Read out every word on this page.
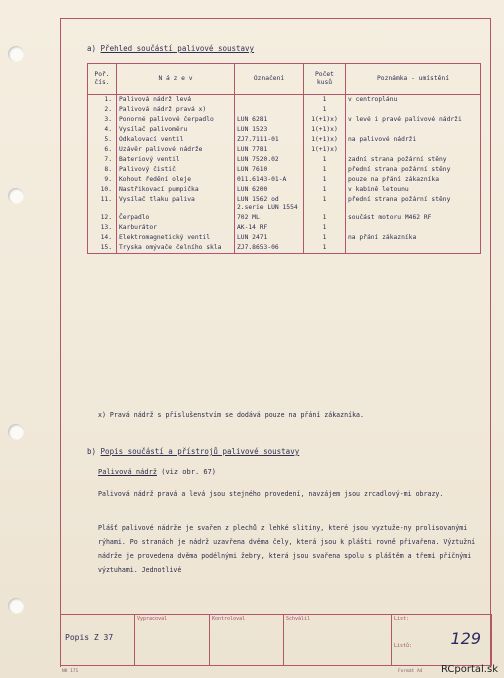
a) Přehled součástí palivové soustavy
Poř. čís.	N á z e v	Označení	Počet kusů	Poznámka - umístění
1.	Palivová nádrž levá		1	v centroplánu
2.	Palivová nádrž pravá x)		1	
3.	Ponorné palivové čerpadlo	LUN 6281	1(+1)x)	v levé i pravé palivové nádrži
4.	Vysílač palivoměru	LUN 1523	1(+1)x)	
5.	Odkalovací ventil	ZJ7.7111-01	1(+1)x)	na palivové nádrži
6.	Uzávěr palivové nádrže	LUN 7781	1(+1)x)	
7.	Bateriový ventil	LUN 7520.02	1	zadní strana požární stěny
8.	Palivový čistič	LUN 7610	1	přední strana požární stěny
9.	Kohout ředění oleje	011.6143-01-A	1	pouze na přání zákazníka
10.	Nastřikovací pumpička	LUN 6200	1	v kabině letounu
11.	Vysílač tlaku paliva	LUN 1562 od 2.serie LUN 1554	1	přední strana požární stěny
12.	Čerpadlo	702 ML	1	součást motoru M462 RF
13.	Karburátor	AK-14 RF	1	
14.	Elektromagnetický ventil	LUN 2471	1	na přání zákazníka
15.	Tryska omývače čelního skla	ZJ7.8653-06	1	
x) Pravá nádrž s příslušenstvím se dodává pouze na přání zákazníka.
b) Popis součástí a přístrojů palivové soustavy
Palivová nádrž (viz obr. 67)
Palivová nádrž pravá a levá jsou stejného provedení, navzájem jsou zrcadlový-mi obrazy.
Plášť palivové nádrže je svařen z plechů z lehké slitiny, které jsou vyztuže-ny prolisovanými rýhami. Po stranách je nádrž uzavřena dvěma čely, která jsou k plášti rovně přivařena. Výztužní nádrže je provedena dvěma podélnými žebry, která jsou svařena spolu s pláštěm a třemi příčnými výztuhami. Jednotlivé
Popis Z 37
	Vypracoval	Kontroloval	Schválil	List:
Listů: 129
NK 171	Formát A4 RCportal.sk
